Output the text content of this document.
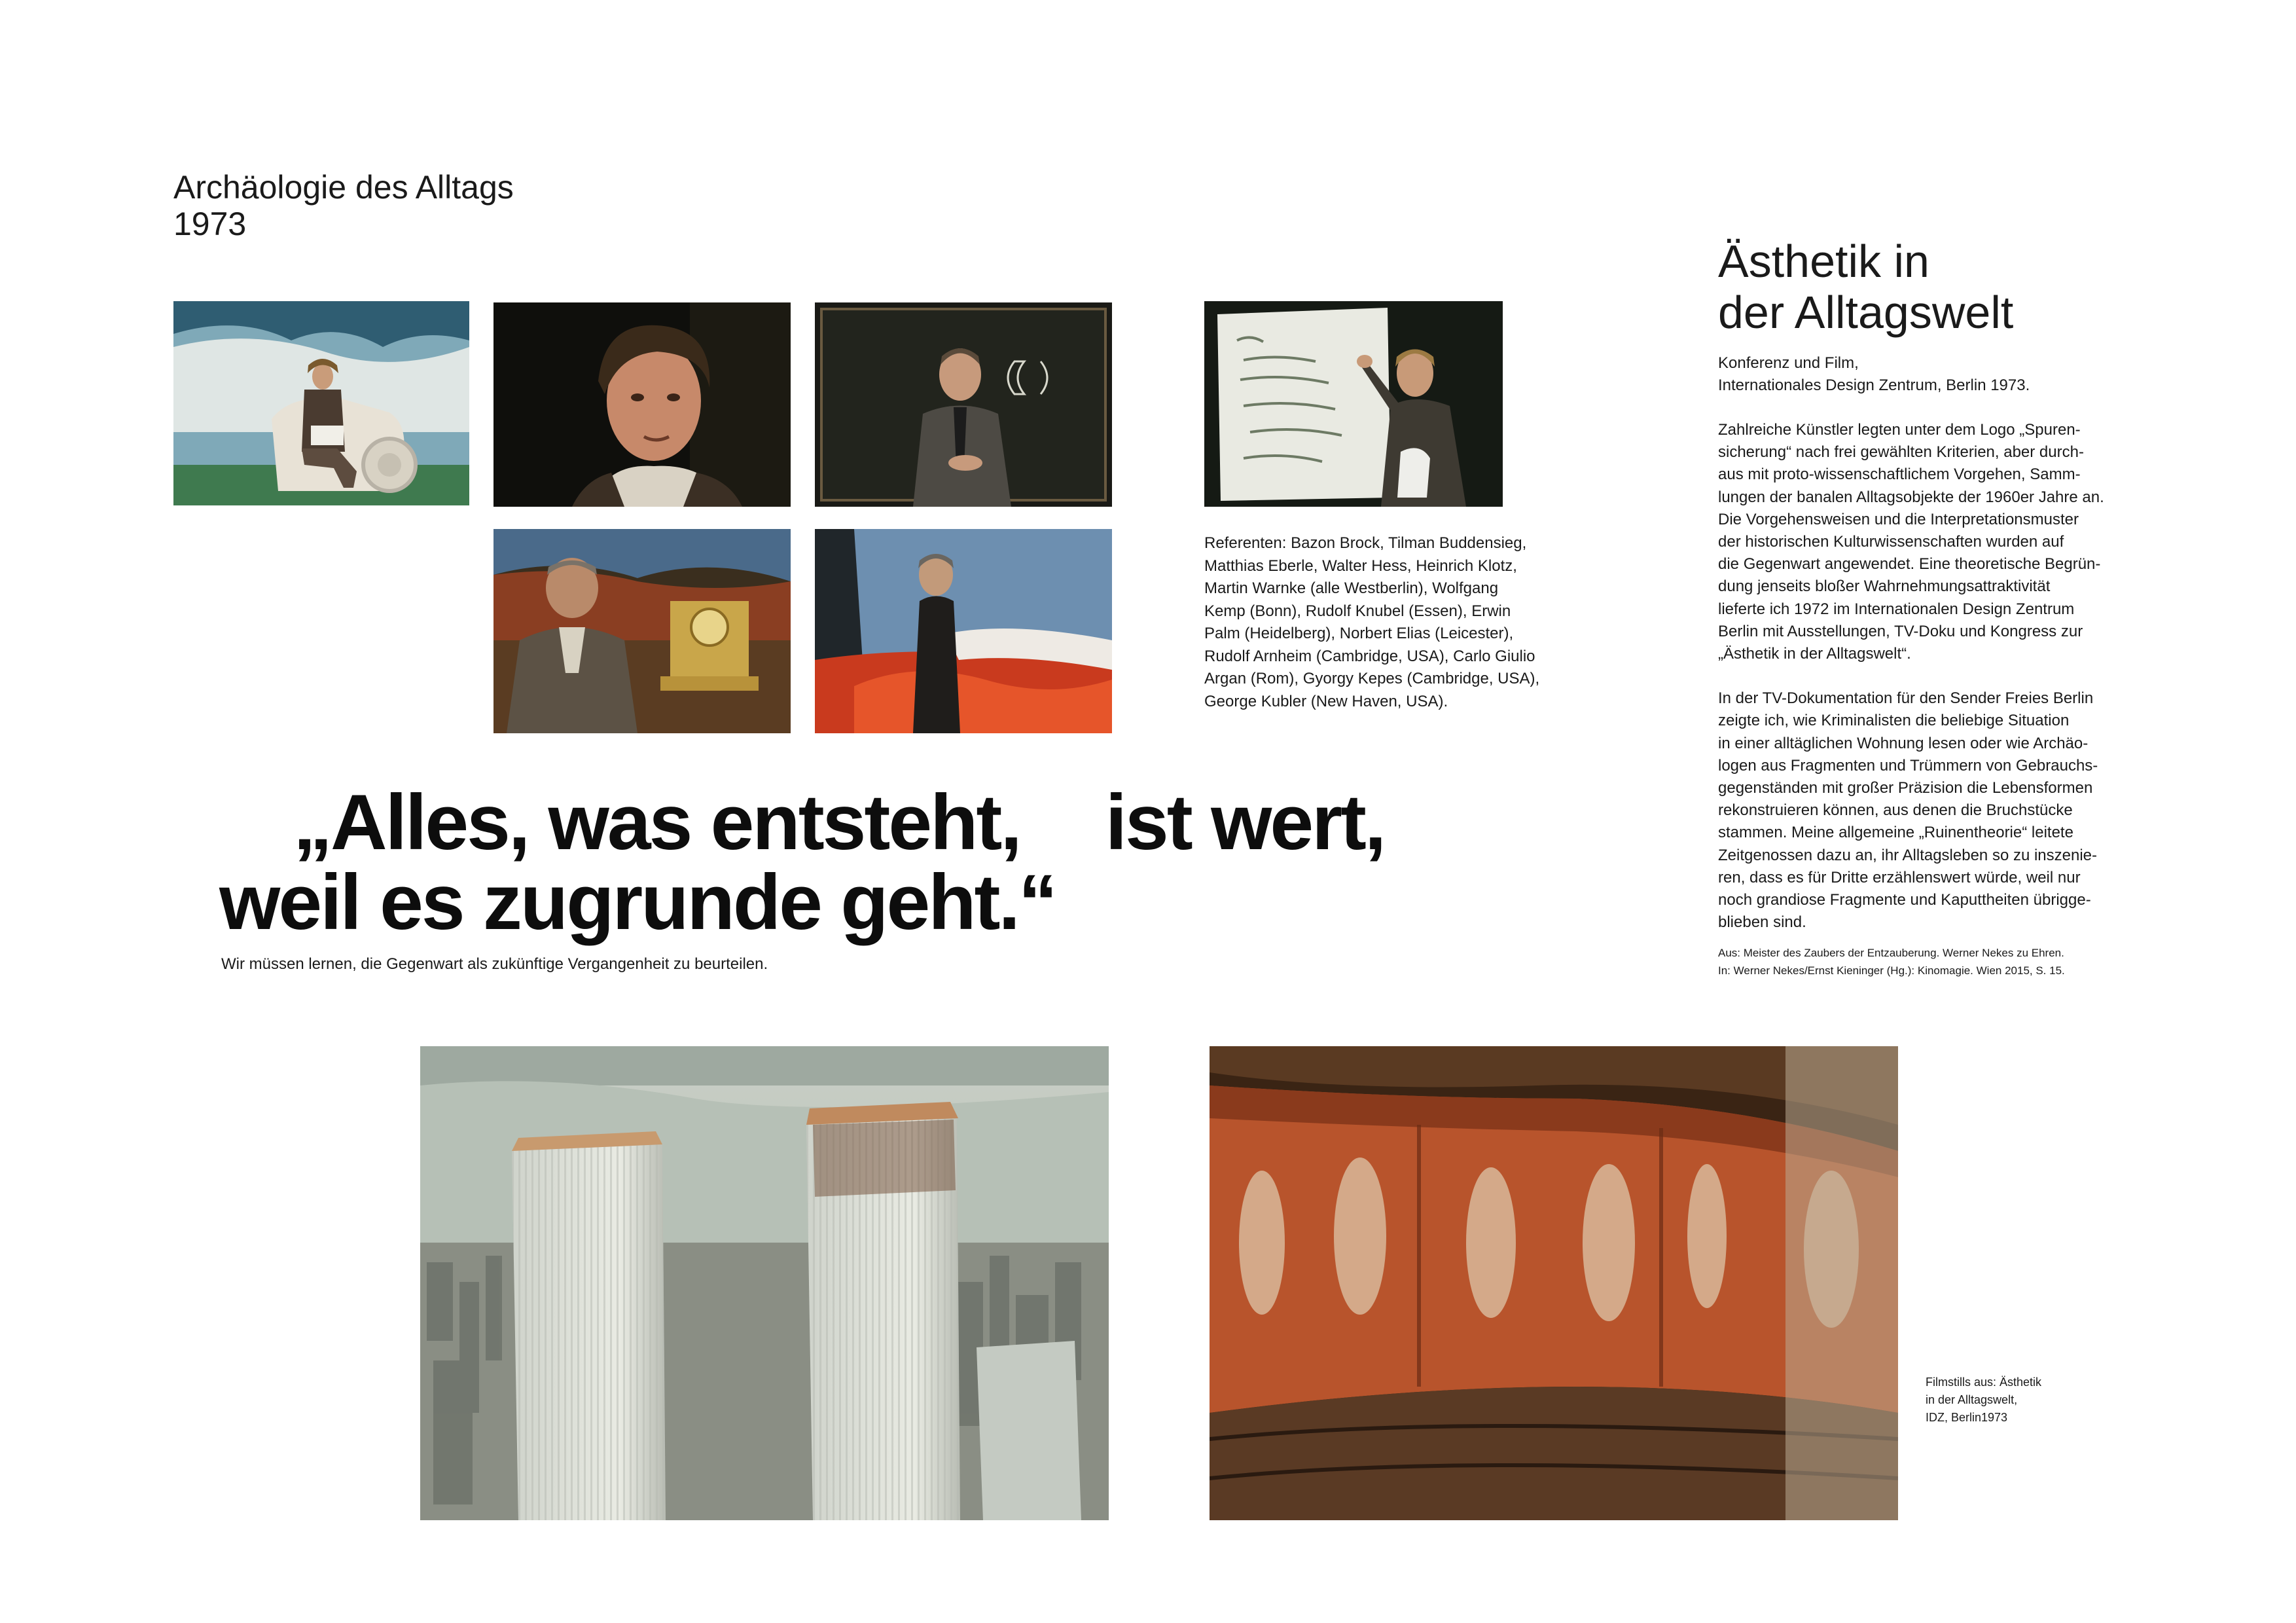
Archäologie des Alltags
1973
Referenten: Bazon Brock, Tilman Buddensieg,
Matthias Eberle, Walter Hess, Heinrich Klotz,
Martin Warnke (alle Westberlin), Wolfgang
Kemp (Bonn), Rudolf Knubel (Essen), Erwin
Palm (Heidelberg), Norbert Elias (Leicester),
Rudolf Arnheim (Cambridge, USA), Carlo Giulio
Argan (Rom), Gyorgy Kepes (Cambridge, USA),
George Kubler (New Haven, USA).
„Alles, was entsteht, ist wert,
weil es zugrunde geht.“
Wir müssen lernen, die Gegenwart als zukünftige Vergangenheit zu beurteilen.
Ästhetik in
der Alltagswelt
Konferenz und Film,
Internationales Design Zentrum, Berlin 1973.

Zahlreiche Künstler legten unter dem Logo „Spuren-
sicherung“ nach frei gewählten Kriterien, aber durch-
aus mit proto-wissenschaftlichem Vorgehen, Samm-
lungen der banalen Alltagsobjekte der 1960er Jahre an.
Die Vorgehensweisen und die Interpretationsmuster
der historischen Kulturwissenschaften wurden auf
die Gegenwart angewendet. Eine theoretische Begrün-
dung jenseits bloßer Wahrnehmungsattraktivität
lieferte ich 1972 im Internationalen Design Zentrum
Berlin mit Ausstellungen, TV-Doku und Kongress zur
„Ästhetik in der Alltagswelt“.

In der TV-Dokumentation für den Sender Freies Berlin
zeigte ich, wie Kriminalisten die beliebige Situation
in einer alltäglichen Wohnung lesen oder wie Archäo-
logen aus Fragmenten und Trümmern von Gebrauchs-
gegenständen mit großer Präzision die Lebensformen
rekonstruieren können, aus denen die Bruchstücke
stammen. Meine allgemeine „Ruinentheorie“ leitete
Zeitgenossen dazu an, ihr Alltagsleben so zu inszenie-
ren, dass es für Dritte erzählenswert würde, weil nur
noch grandiose Fragmente und Kaputtheiten übrigge-
blieben sind.

Aus: Meister des Zaubers der Entzauberung. Werner Nekes zu Ehren.
In: Werner Nekes/Ernst Kieninger (Hg.): Kinomagie. Wien 2015, S. 15.
Filmstills aus: Ästhetik
in der Alltagswelt,
IDZ, Berlin1973
